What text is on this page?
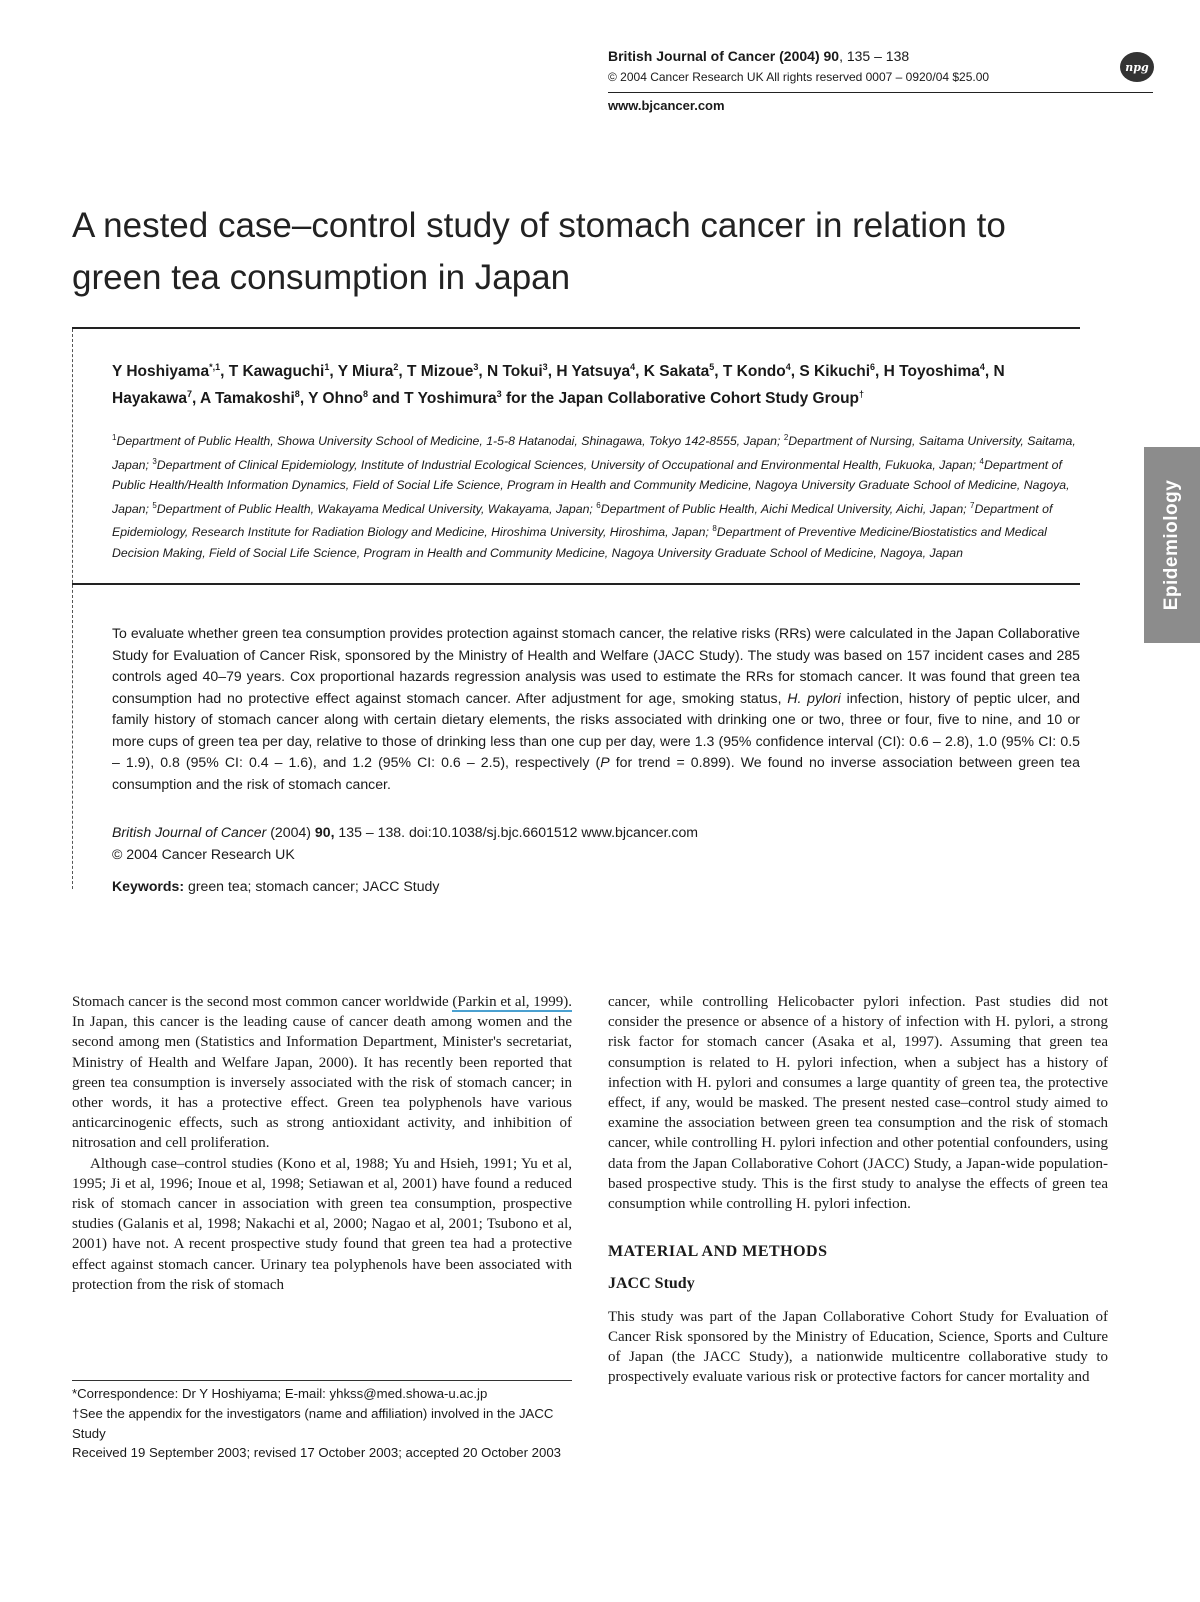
British Journal of Cancer (2004) 90, 135 – 138
© 2004 Cancer Research UK All rights reserved 0007 – 0920/04 $25.00
www.bjcancer.com
npg
A nested case–control study of stomach cancer in relation to green tea consumption in Japan
Epidemiology
Y Hoshiyama$^{*,1}$, T Kawaguchi$^1$, Y Miura$^2$, T Mizoue$^3$, N Tokui$^3$, H Yatsuya$^4$, K Sakata$^5$, T Kondo$^4$, S Kikuchi$^6$, H Toyoshima$^4$, N Hayakawa$^7$, A Tamakoshi$^8$, Y Ohno$^8$ and T Yoshimura$^3$ for the Japan Collaborative Cohort Study Group†
$^1$Department of Public Health, Showa University School of Medicine, 1-5-8 Hatanodai, Shinagawa, Tokyo 142-8555, Japan; $^2$Department of Nursing, Saitama University, Saitama, Japan; $^3$Department of Clinical Epidemiology, Institute of Industrial Ecological Sciences, University of Occupational and Environmental Health, Fukuoka, Japan; $^4$Department of Public Health/Health Information Dynamics, Field of Social Life Science, Program in Health and Community Medicine, Nagoya University Graduate School of Medicine, Nagoya, Japan; $^5$Department of Public Health, Wakayama Medical University, Wakayama, Japan; $^6$Department of Public Health, Aichi Medical University, Aichi, Japan; $^7$Department of Epidemiology, Research Institute for Radiation Biology and Medicine, Hiroshima University, Hiroshima, Japan; $^8$Department of Preventive Medicine/Biostatistics and Medical Decision Making, Field of Social Life Science, Program in Health and Community Medicine, Nagoya University Graduate School of Medicine, Nagoya, Japan
To evaluate whether green tea consumption provides protection against stomach cancer, the relative risks (RRs) were calculated in the Japan Collaborative Study for Evaluation of Cancer Risk, sponsored by the Ministry of Health and Welfare (JACC Study). The study was based on 157 incident cases and 285 controls aged 40–79 years. Cox proportional hazards regression analysis was used to estimate the RRs for stomach cancer. It was found that green tea consumption had no protective effect against stomach cancer. After adjustment for age, smoking status, H. pylori infection, history of peptic ulcer, and family history of stomach cancer along with certain dietary elements, the risks associated with drinking one or two, three or four, five to nine, and 10 or more cups of green tea per day, relative to those of drinking less than one cup per day, were 1.3 (95% confidence interval (CI): 0.6 – 2.8), 1.0 (95% CI: 0.5 – 1.9), 0.8 (95% CI: 0.4 – 1.6), and 1.2 (95% CI: 0.6 – 2.5), respectively (P for trend = 0.899). We found no inverse association between green tea consumption and the risk of stomach cancer.
British Journal of Cancer (2004) 90, 135 – 138. doi:10.1038/sj.bjc.6601512 www.bjcancer.com
© 2004 Cancer Research UK
Keywords: green tea; stomach cancer; JACC Study

Stomach cancer is the second most common cancer worldwide (Parkin et al, 1999). In Japan, this cancer is the leading cause of cancer death among women and the second among men (Statistics and Information Department, Minister's secretariat, Ministry of Health and Welfare Japan, 2000). It has recently been reported that green tea consumption is inversely associated with the risk of stomach cancer; in other words, it has a protective effect. Green tea polyphenols have various anticarcinogenic effects, such as strong antioxidant activity, and inhibition of nitrosation and cell proliferation.

Although case–control studies (Kono et al, 1988; Yu and Hsieh, 1991; Yu et al, 1995; Ji et al, 1996; Inoue et al, 1998; Setiawan et al, 2001) have found a reduced risk of stomach cancer in association with green tea consumption, prospective studies (Galanis et al, 1998; Nakachi et al, 2000; Nagao et al, 2001; Tsubono et al, 2001) have not. A recent prospective study found that green tea had a protective effect against stomach cancer. Urinary tea polyphenols have been associated with protection from the risk of stomach

*Correspondence: Dr Y Hoshiyama; E-mail: yhkss@med.showa-u.ac.jp

†See the appendix for the investigators (name and affiliation) involved in the JACC Study

Received 19 September 2003; revised 17 October 2003; accepted 20 October 2003

cancer, while controlling Helicobacter pylori infection. Past studies did not consider the presence or absence of a history of infection with H. pylori, a strong risk factor for stomach cancer (Asaka et al, 1997). Assuming that green tea consumption is related to H. pylori infection, when a subject has a history of infection with H. pylori and consumes a large quantity of green tea, the protective effect, if any, would be masked. The present nested case–control study aimed to examine the association between green tea consumption and the risk of stomach cancer, while controlling H. pylori infection and other potential confounders, using data from the Japan Collaborative Cohort (JACC) Study, a Japan-wide population-based prospective study. This is the first study to analyse the effects of green tea consumption while controlling H. pylori infection.

MATERIAL AND METHODS
JACC Study

This study was part of the Japan Collaborative Cohort Study for Evaluation of Cancer Risk sponsored by the Ministry of Education, Science, Sports and Culture of Japan (the JACC Study), a nationwide multicentre collaborative study to prospectively evaluate various risk or protective factors for cancer mortality and
